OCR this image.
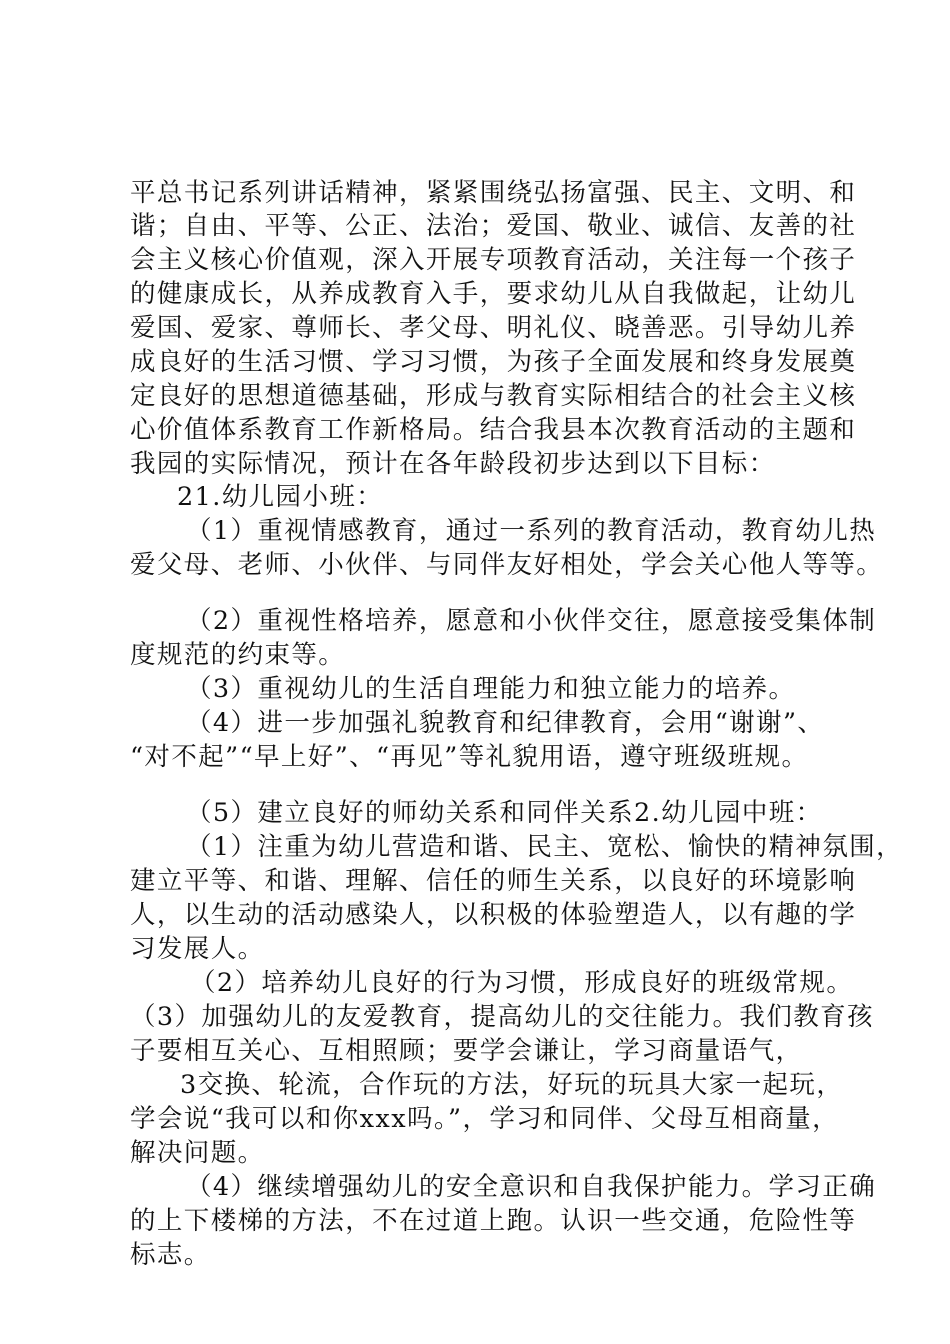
平总书记系列讲话精神，紧紧围绕弘扬富强、民主、文明、和
谐；自由、平等、公正、法治；爱国、敬业、诚信、友善的社
会主义核心价值观，深入开展专项教育活动，关注每一个孩子
的健康成长，从养成教育入手，要求幼儿从自我做起，让幼儿
爱国、爱家、尊师长、孝父母、明礼仪、晓善恶。引导幼儿养
成良好的生活习惯、学习习惯，为孩子全面发展和终身发展奠
定良好的思想道德基础，形成与教育实际相结合的社会主义核
心价值体系教育工作新格局。结合我县本次教育活动的主题和
我园的实际情况，预计在各年龄段初步达到以下目标：
21.幼儿园小班：
（1）重视情感教育，通过一系列的教育活动，教育幼儿热
爱父母、老师、小伙伴、与同伴友好相处，学会关心他人等等。
（2）重视性格培养，愿意和小伙伴交往，愿意接受集体制
度规范的约束等。
（3）重视幼儿的生活自理能力和独立能力的培养。
（4）进一步加强礼貌教育和纪律教育，会用“谢谢”、
“对不起”“早上好”、“再见”等礼貌用语，遵守班级班规。
（5）建立良好的师幼关系和同伴关系2.幼儿园中班：
（1）注重为幼儿营造和谐、民主、宽松、愉快的精神氛围，
建立平等、和谐、理解、信任的师生关系，以良好的环境影响
人，以生动的活动感染人，以积极的体验塑造人，以有趣的学
习发展人。
（2）培养幼儿良好的行为习惯，形成良好的班级常规。
（3）加强幼儿的友爱教育，提高幼儿的交往能力。我们教育孩
子要相互关心、互相照顾；要学会谦让，学习商量语气，
3交换、轮流，合作玩的方法，好玩的玩具大家一起玩，
学会说“我可以和你xxx吗。”，学习和同伴、父母互相商量，
解决问题。
（4）继续增强幼儿的安全意识和自我保护能力。学习正确
的上下楼梯的方法，不在过道上跑。认识一些交通，危险性等
标志。
